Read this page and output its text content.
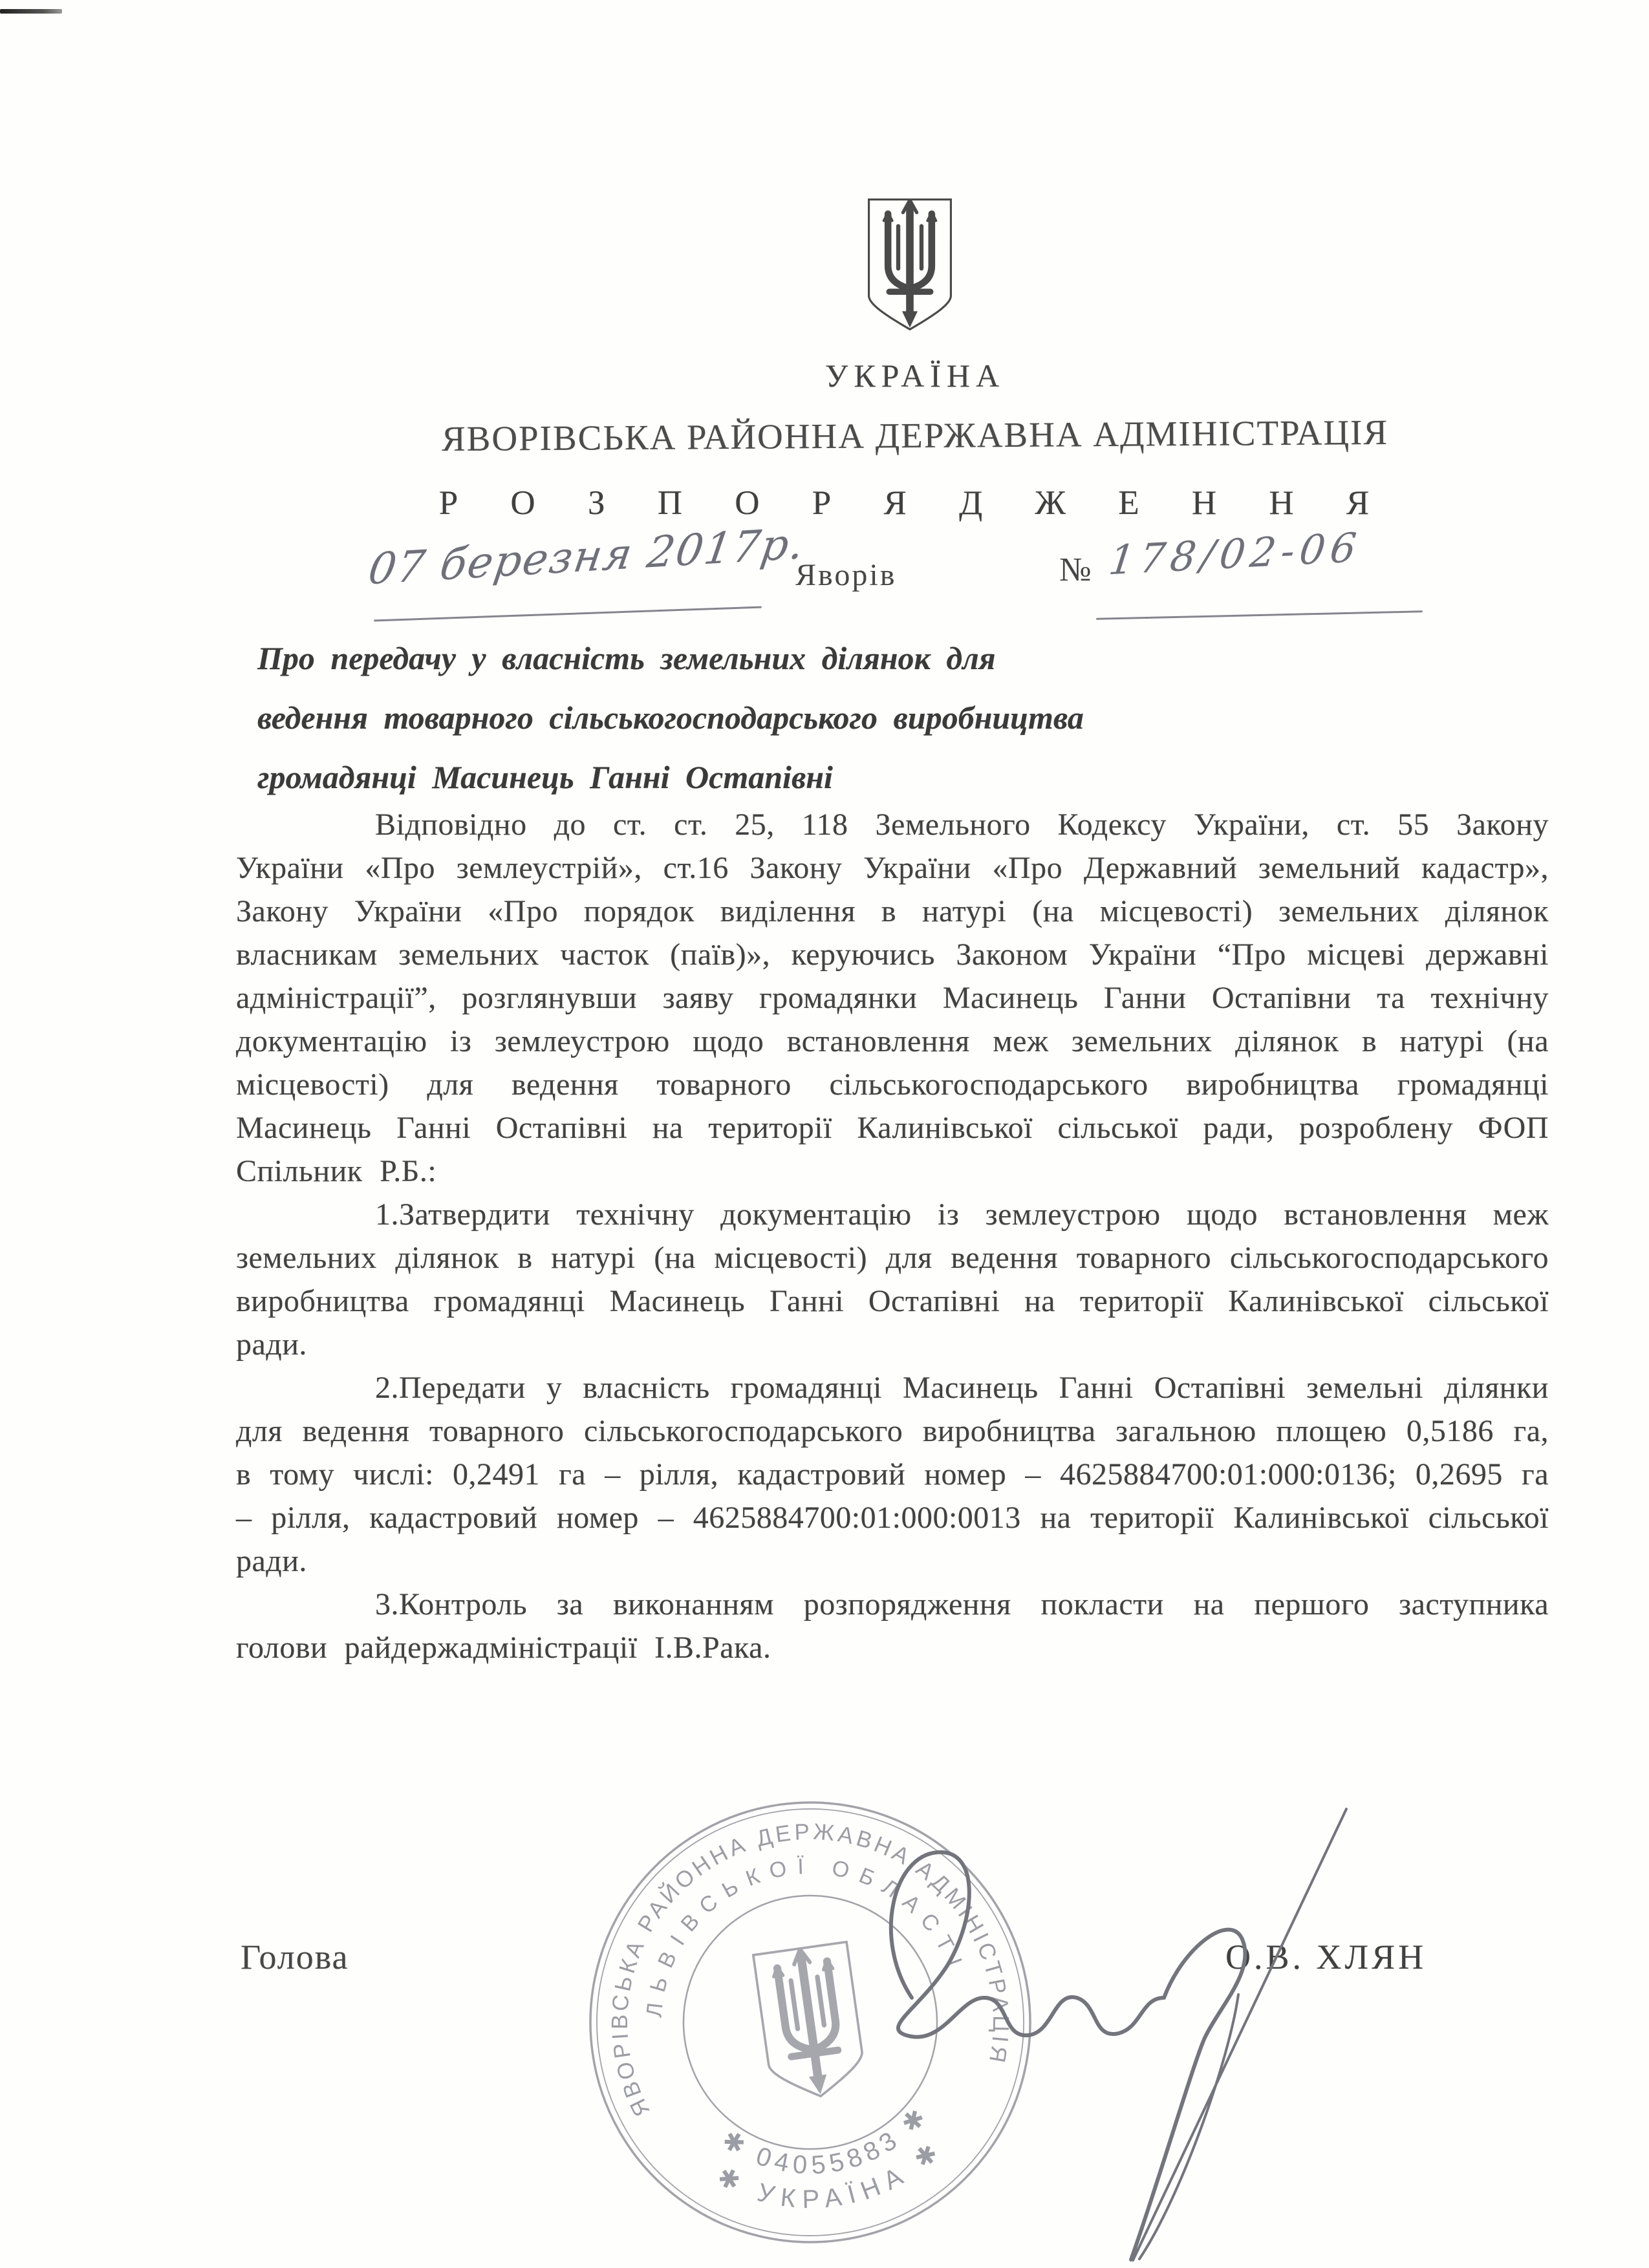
УКРАЇНА
ЯВОРІВСЬКА РАЙОННА ДЕРЖАВНА АДМІНІСТРАЦІЯ
Р О З П О Р Я Д Ж Е Н Н Я
07 березня 2017р.
Яворів	№ 178/02-06
Про передачу у власність земельних ділянок для
ведення товарного сільськогосподарського виробництва
громадянці Масинець Ганні Остапівні

Відповідно до ст. ст. 25, 118 Земельного Кодексу України, ст. 55 Закону України «Про землеустрій», ст.16 Закону України «Про Державний земельний кадастр», Закону України «Про порядок виділення в натурі (на місцевості) земельних ділянок власникам земельних часток (паїв)», керуючись Законом України “Про місцеві державні адміністрації”, розглянувши заяву громадянки Масинець Ганни Остапівни та технічну документацію із землеустрою щодо встановлення меж земельних ділянок в натурі (на місцевості) для ведення товарного сільськогосподарського виробництва громадянці Масинець Ганні Остапівні на території Калинівської сільської ради, розроблену ФОП Спільник Р.Б.:

1.Затвердити технічну документацію із землеустрою щодо встановлення меж земельних ділянок в натурі (на місцевості) для ведення товарного сільськогосподарського виробництва громадянці Масинець Ганні Остапівні на території Калинівської сільської ради.

2.Передати у власність громадянці Масинець Ганні Остапівні земельні ділянки для ведення товарного сільськогосподарського виробництва загальною площею 0,5186 га, в тому числі: 0,2491 га – рілля, кадастровий номер – 4625884700:01:000:0136; 0,2695 га – рілля, кадастровий номер – 4625884700:01:000:0013 на території Калинівської сільської ради.

3.Контроль за виконанням розпорядження покласти на першого заступника голови райдержадміністрації І.В.Рака.

Голова	О.В. ХЛЯН
ЯВОРІВСЬКА РАЙОННА ДЕРЖАВНА АДМІНІСТРАЦІЯ
ЛЬВІВСЬКОЇ ОБЛАСТІ
✱ УКРАЇНА ✱
✱ 04055883 ✱
